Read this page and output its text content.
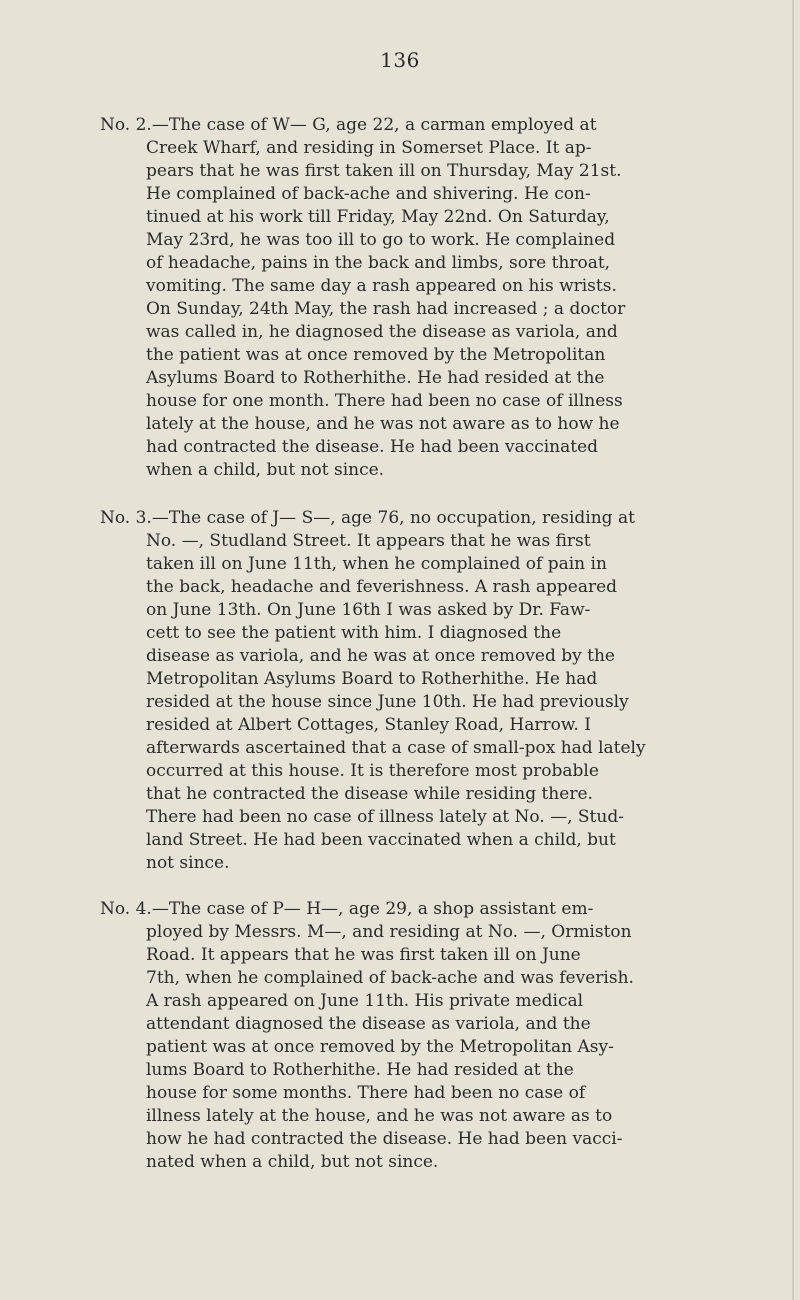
136
No. 2.—The case of W— G, age 22, a carman employed at
Creek Wharf, and residing in Somerset Place. It ap-
pears that he was first taken ill on Thursday, May 21st.
He complained of back-ache and shivering. He con-
tinued at his work till Friday, May 22nd. On Saturday,
May 23rd, he was too ill to go to work. He complained
of headache, pains in the back and limbs, sore throat,
vomiting. The same day a rash appeared on his wrists.
On Sunday, 24th May, the rash had increased ; a doctor
was called in, he diagnosed the disease as variola, and
the patient was at once removed by the Metropolitan
Asylums Board to Rotherhithe. He had resided at the
house for one month. There had been no case of illness
lately at the house, and he was not aware as to how he
had contracted the disease. He had been vaccinated
when a child, but not since.
No. 3.—The case of J— S—, age 76, no occupation, residing at
No. —, Studland Street. It appears that he was first
taken ill on June 11th, when he complained of pain in
the back, headache and feverishness. A rash appeared
on June 13th. On June 16th I was asked by Dr. Faw-
cett to see the patient with him. I diagnosed the
disease as variola, and he was at once removed by the
Metropolitan Asylums Board to Rotherhithe. He had
resided at the house since June 10th. He had previously
resided at Albert Cottages, Stanley Road, Harrow. I
afterwards ascertained that a case of small-pox had lately
occurred at this house. It is therefore most probable
that he contracted the disease while residing there.
There had been no case of illness lately at No. —, Stud-
land Street. He had been vaccinated when a child, but
not since.
No. 4.—The case of P— H—, age 29, a shop assistant em-
ployed by Messrs. M—, and residing at No. —, Ormiston
Road. It appears that he was first taken ill on June
7th, when he complained of back-ache and was feverish.
A rash appeared on June 11th. His private medical
attendant diagnosed the disease as variola, and the
patient was at once removed by the Metropolitan Asy-
lums Board to Rotherhithe. He had resided at the
house for some months. There had been no case of
illness lately at the house, and he was not aware as to
how he had contracted the disease. He had been vacci-
nated when a child, but not since.
